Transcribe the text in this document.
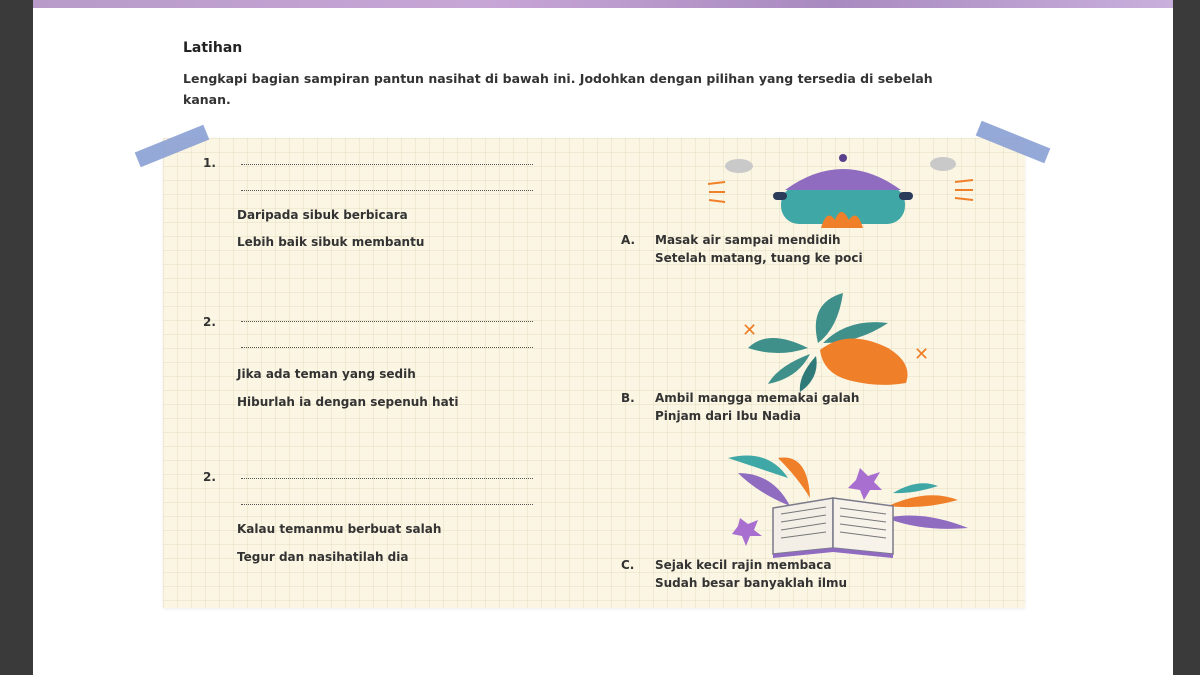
Latihan
Lengkapi bagian sampiran pantun nasihat di bawah ini. Jodohkan dengan pilihan yang tersedia di sebelah kanan.
1.
Daripada sibuk berbicara
Lebih baik sibuk membantu
2.
Jika ada teman yang sedih
Hiburlah ia dengan sepenuh hati
2.
Kalau temanmu berbuat salah
Tegur dan nasihatilah dia
✕
✕
A. Masak air sampai mendidih
Setelah matang, tuang ke poci
B. Ambil mangga memakai galah
Pinjam dari Ibu Nadia
C. Sejak kecil rajin membaca
Sudah besar banyaklah ilmu
